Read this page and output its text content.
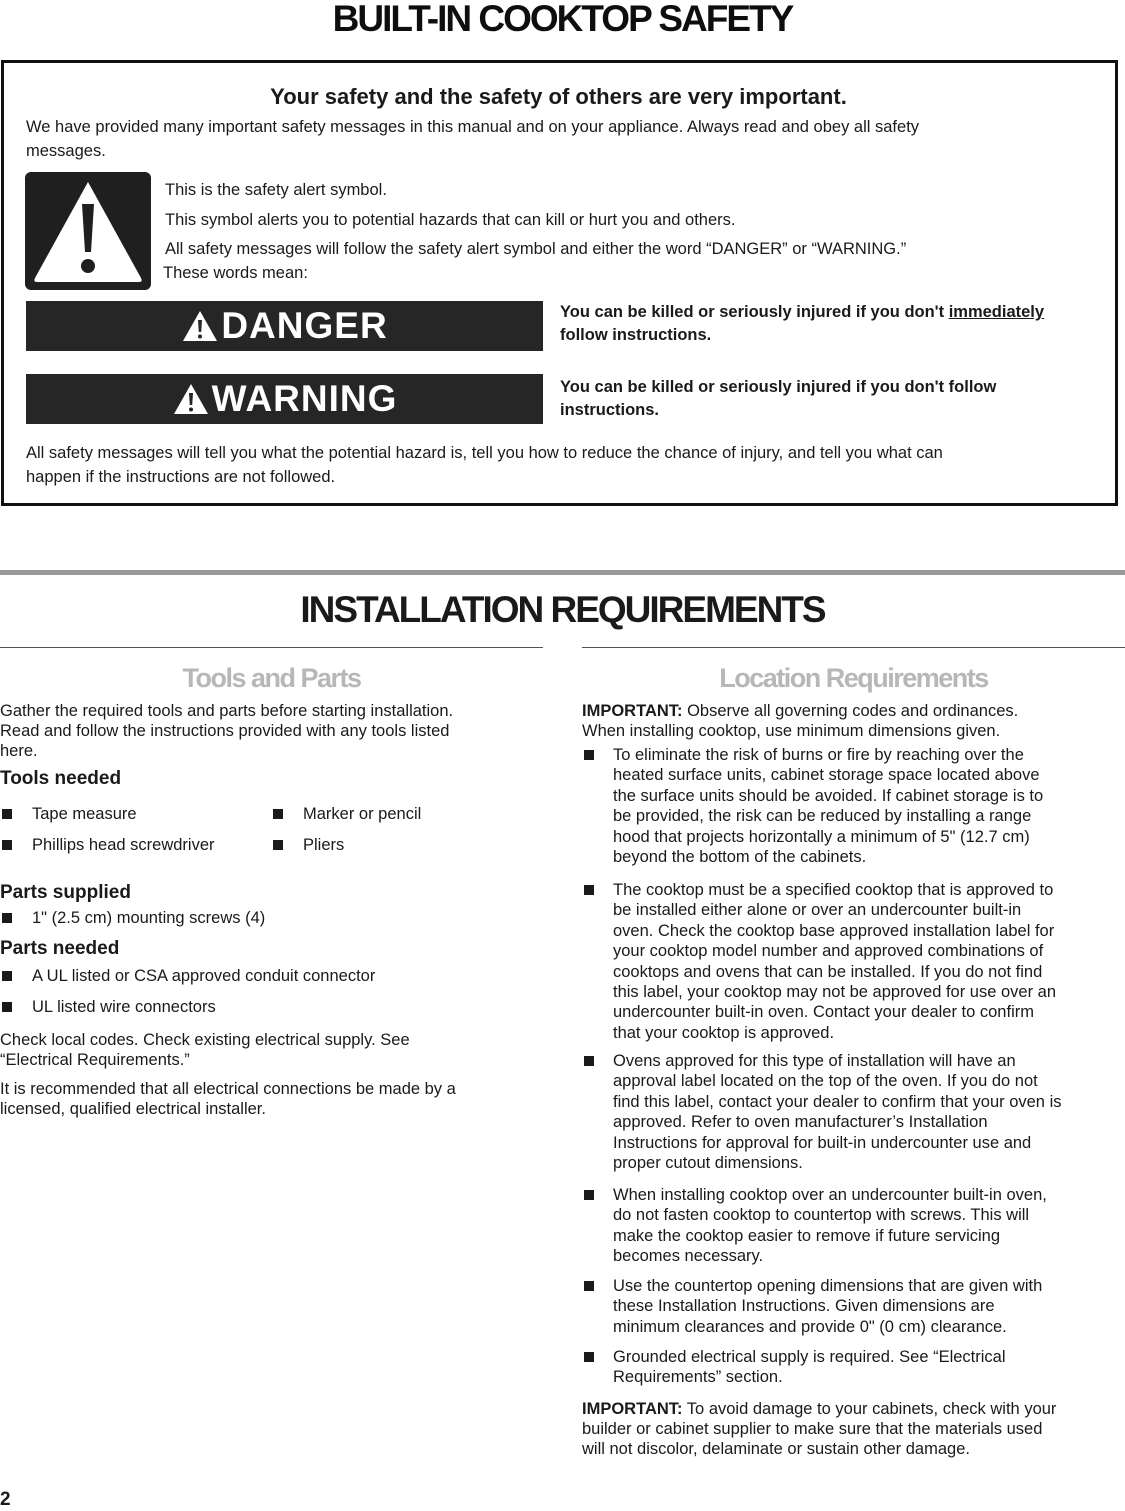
BUILT-IN COOKTOP SAFETY
Your safety and the safety of others are very important.
We have provided many important safety messages in this manual and on your appliance. Always read and obey all safety
messages.
This is the safety alert symbol.
This symbol alerts you to potential hazards that can kill or hurt you and others.
All safety messages will follow the safety alert symbol and either the word “DANGER” or “WARNING.”
These words mean:
DANGER	You can be killed or seriously injured if you don't immediately
follow instructions.
WARNING	You can be killed or seriously injured if you don't follow
instructions.
All safety messages will tell you what the potential hazard is, tell you how to reduce the chance of injury, and tell you what can
happen if the instructions are not followed.
INSTALLATION REQUIREMENTS
Tools and Parts
Gather the required tools and parts before starting installation.
Read and follow the instructions provided with any tools listed
here.
Tools needed
Tape measure
Phillips head screwdriver
Marker or pencil
Pliers
Parts supplied
1" (2.5 cm) mounting screws (4)
Parts needed
A UL listed or CSA approved conduit connector
UL listed wire connectors
Check local codes. Check existing electrical supply. See
“Electrical Requirements.”
It is recommended that all electrical connections be made by a
licensed, qualified electrical installer.
Location Requirements
IMPORTANT: Observe all governing codes and ordinances.
When installing cooktop, use minimum dimensions given.
To eliminate the risk of burns or fire by reaching over the
heated surface units, cabinet storage space located above
the surface units should be avoided. If cabinet storage is to
be provided, the risk can be reduced by installing a range
hood that projects horizontally a minimum of 5" (12.7 cm)
beyond the bottom of the cabinets.
The cooktop must be a specified cooktop that is approved to
be installed either alone or over an undercounter built-in
oven. Check the cooktop base approved installation label for
your cooktop model number and approved combinations of
cooktops and ovens that can be installed. If you do not find
this label, your cooktop may not be approved for use over an
undercounter built-in oven. Contact your dealer to confirm
that your cooktop is approved.
Ovens approved for this type of installation will have an
approval label located on the top of the oven. If you do not
find this label, contact your dealer to confirm that your oven is
approved. Refer to oven manufacturer’s Installation
Instructions for approval for built-in undercounter use and
proper cutout dimensions.
When installing cooktop over an undercounter built-in oven,
do not fasten cooktop to countertop with screws. This will
make the cooktop easier to remove if future servicing
becomes necessary.
Use the countertop opening dimensions that are given with
these Installation Instructions. Given dimensions are
minimum clearances and provide 0" (0 cm) clearance.
Grounded electrical supply is required. See “Electrical
Requirements” section.
IMPORTANT: To avoid damage to your cabinets, check with your
builder or cabinet supplier to make sure that the materials used
will not discolor, delaminate or sustain other damage.
2
